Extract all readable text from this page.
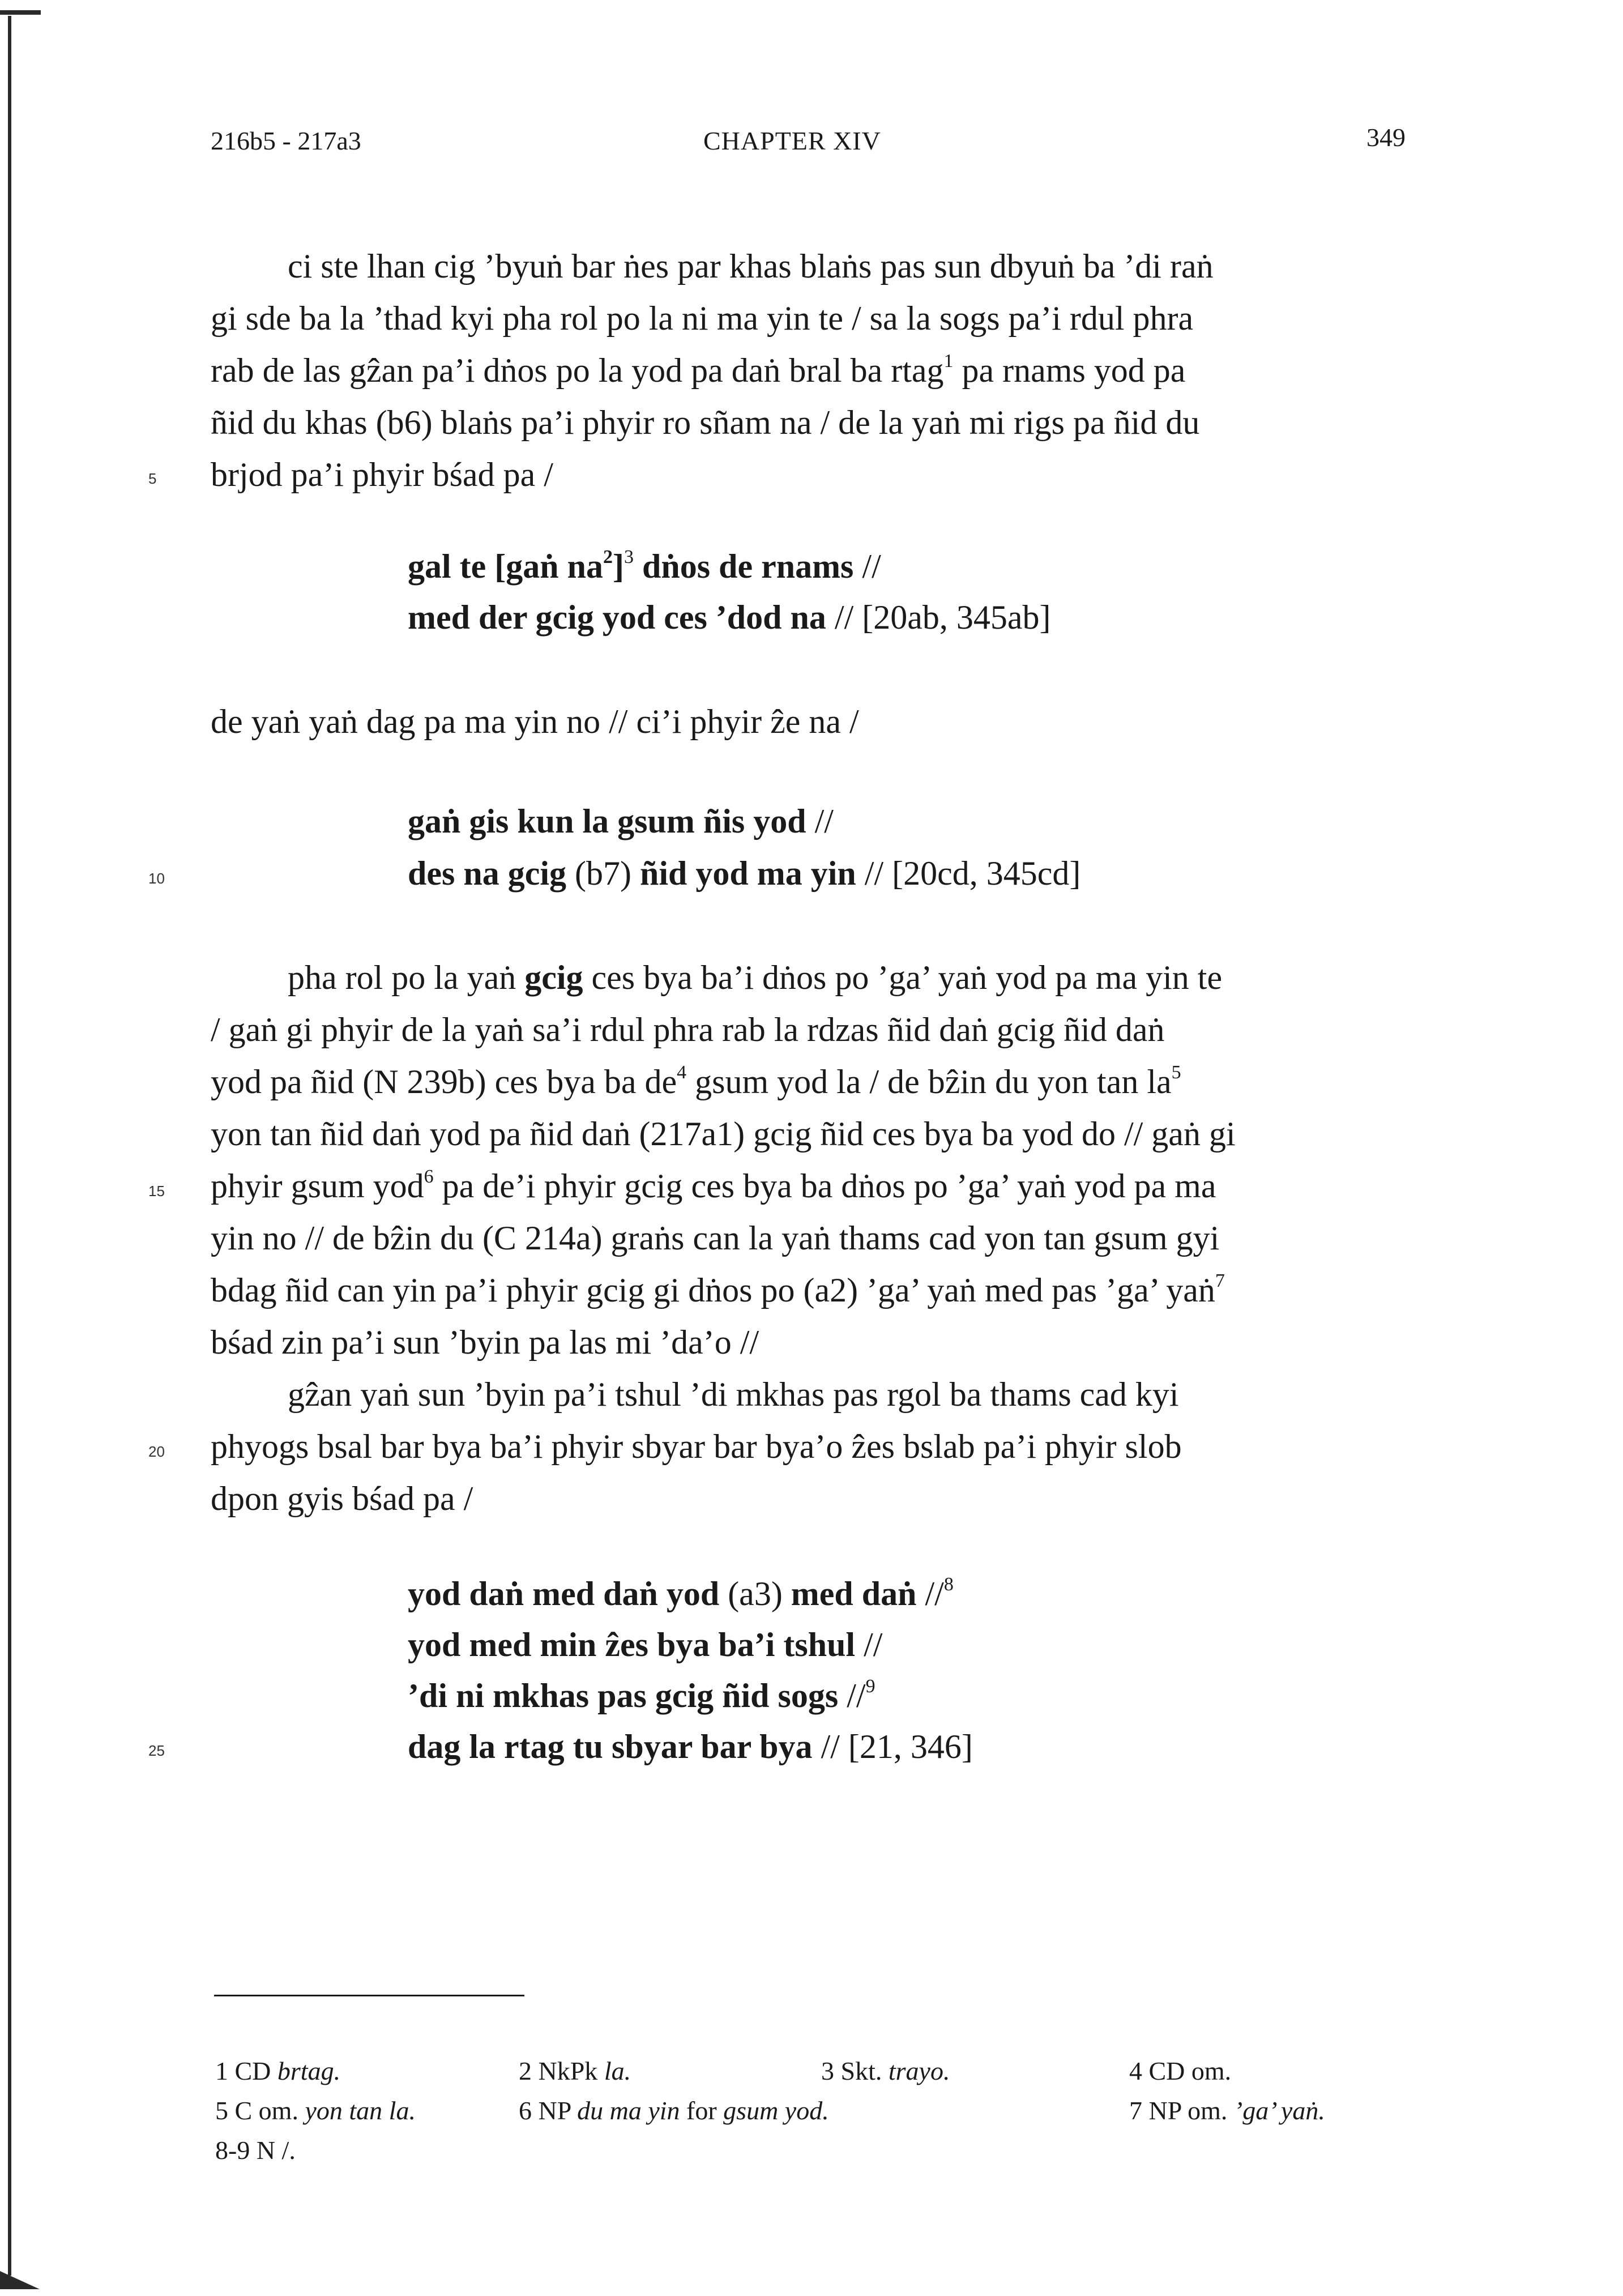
216b5 - 217a3	CHAPTER XIV	349
ci ste lhan cig ’byuṅ bar ṅes par khas blaṅs pas sun dbyuṅ ba ’di raṅ
gi sde ba la ’thad kyi pha rol po la ni ma yin te / sa la sogs pa’i rdul phra
rab de las gẑan pa’i dṅos po la yod pa daṅ bral ba rtag$^1$ pa rnams yod pa
ñid du khas (b6) blaṅs pa’i phyir ro sñam na / de la yaṅ mi rigs pa ñid du
brjod pa’i phyir bśad pa /
5
gal te [gaṅ $na^2]^3$ dṅos de rnams //
med der gcig yod ces ’dod na // [20ab, 345ab]
de yaṅ yaṅ dag pa ma yin no // ci’i phyir ẑe na /
gaṅ gis kun la gsum ñis yod //
des na gcig (b7) ñid yod ma yin // [20cd, 345cd]
10
pha rol po la yaṅ gcig ces bya ba’i dṅos po ’ga’ yaṅ yod pa ma yin te
/ gaṅ gi phyir de la yaṅ sa’i rdul phra rab la rdzas ñid daṅ gcig ñid daṅ
yod pa ñid (N 239b) ces bya ba $de^4$ gsum yod la / de bẑin du yon $\tan la^5$
yon tan ñid daṅ yod pa ñid daṅ (217a1) gcig ñid ces bya ba yod do // gaṅ gi
phyir gsum yod$^6$ pa de’i phyir gcig ces bya ba dṅos po ’ga’ yaṅ yod pa ma
15
yin no // de bẑin du (C 214a) graṅs can la yaṅ thams cad yon tan gsum gyi
bdag ñid can yin pa’i phyir gcig gi dṅos po (a2) ’ga’ yaṅ med pas ’ga’ yaṅ$^7$
bśad zin pa’i sun ’byin pa las mi ’da’o //
gẑan yaṅ sun ’byin pa’i tshul ’di mkhas pas rgol ba thams cad kyi
phyogs bsal bar bya ba’i phyir sbyar bar bya’o ẑes bslab pa’i phyir slob
20
dpon gyis bśad pa /
yod daṅ med daṅ yod (a3) med daṅ //$^8$
yod med min ẑes bya ba’i tshul //
’di ni mkhas pas gcig ñid sogs //$^9$
dag la rtag tu sbyar bar bya // [21, 346]
25
1 CD brtag.	2 NkPk la.	3 Skt. trayo.	4 CD om.
5 C om. yon tan la.	6 NP du ma yin for gsum yod.	7 NP om. ’ga’ yaṅ.
8-9 N /.
